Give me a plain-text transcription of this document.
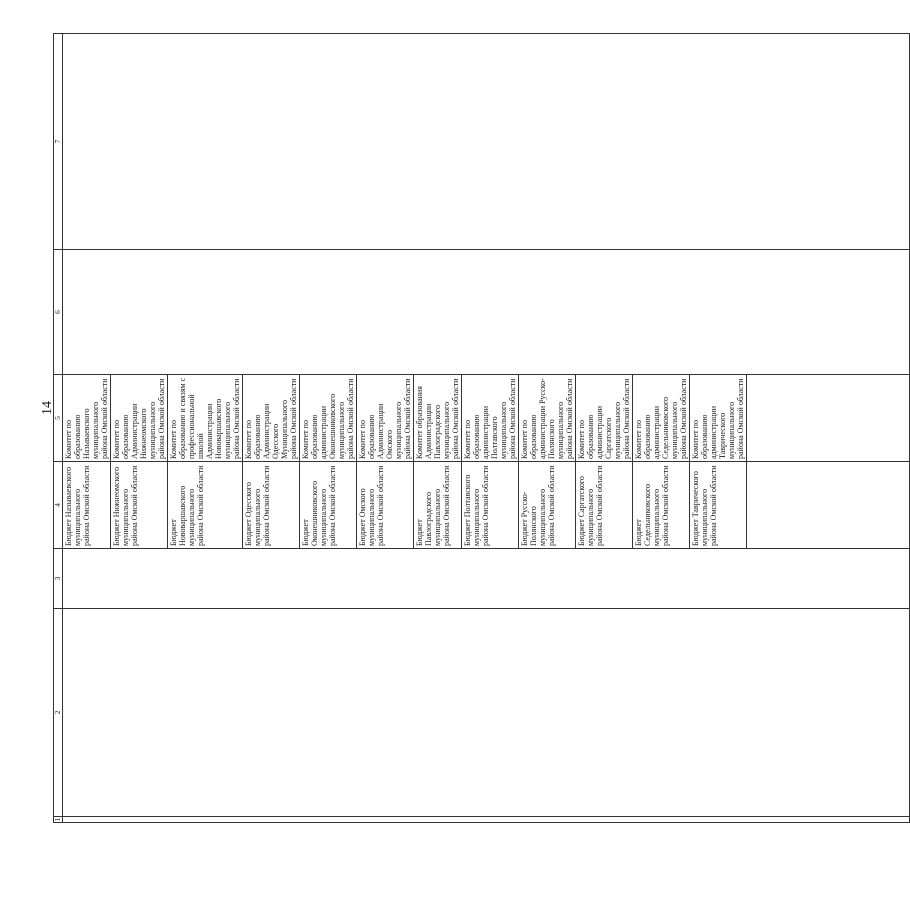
14
1	2	3	4	5	6	7
			Бюджет Называевского муниципального района Омской области	Комитет по образованию Называевского муниципального района Омской области		
			Бюджет Нижнеомского муниципального района Омской области	Комитет по образованию Администрации Нижнеомского муниципального района Омской области		
			Бюджет Нововаршавского муниципального района Омской области	Комитет по образованию и связям с профессиональной школой Администрации Нововаршавского муниципального района Омской области		
			Бюджет Одесского муниципального района Омской области	Комитет по образованию Администрации Одесского Муниципального района Омской области		
			Бюджет Оконешниковского муниципального района Омской области	Комитет по образованию администрации Оконешниковского муниципального района Омской области		
			Бюджет Омского муниципального района Омской области	Комитет по образованию Администрации Омского муниципального района Омской области		
			Бюджет Павлоградского муниципального района Омской области	Комитет образования Администрации Павлоградского муниципального района Омской области		
			Бюджет Полтавского муниципального района Омской области	Комитет по образованию администрации Полтавского муниципального района Омской области		
			Бюджет Русско-Полянского муниципального района Омской области	Комитет по образованию администрации Русско-Полянского муниципального района Омской области		
			Бюджет Саргатского муниципального района Омской области	Комитет по образованию администрации Саргатского муниципального района Омской области		
			Бюджет Седельниковского муниципального района Омской области	Комитет по образованию администрации Седельниковского муниципального района Омской области		
			Бюджет Таврического муниципального района Омской области	Комитет по образованию администрации Таврического муниципального района Омской области		
